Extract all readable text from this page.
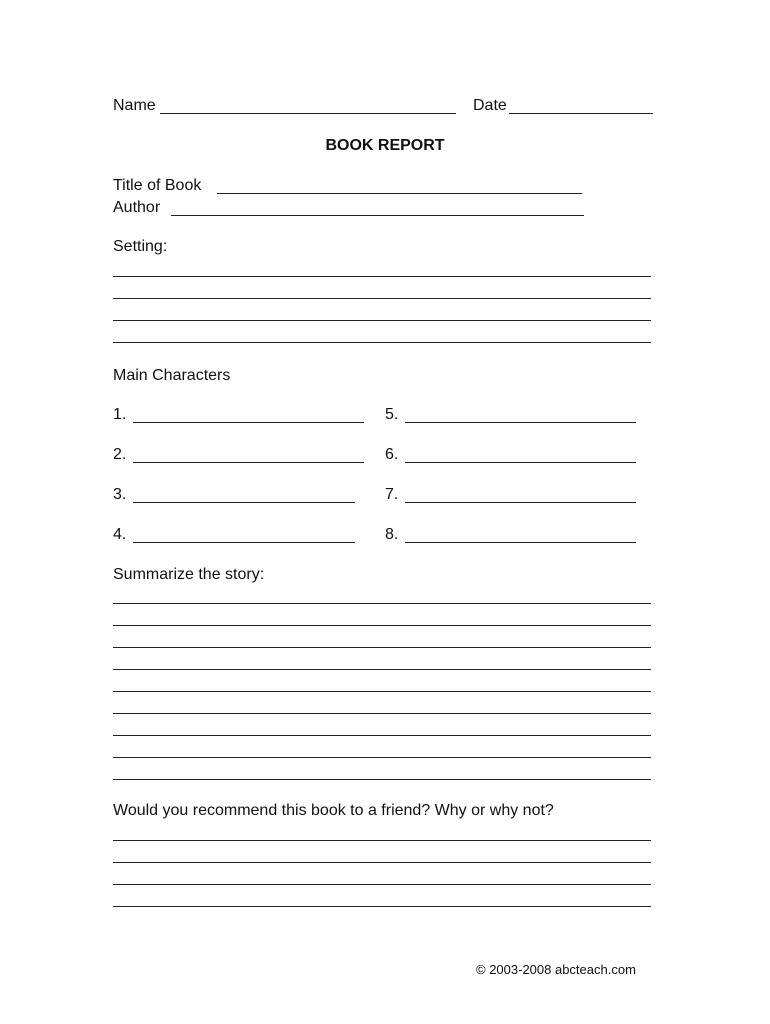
Name	Date
BOOK REPORT
Title of Book
Author
Setting:
Main Characters
1.	5.
2.	6.
3.	7.
4.	8.
Summarize the story:
Would you recommend this book to a friend? Why or why not?
© 2003-2008 abcteach.com
